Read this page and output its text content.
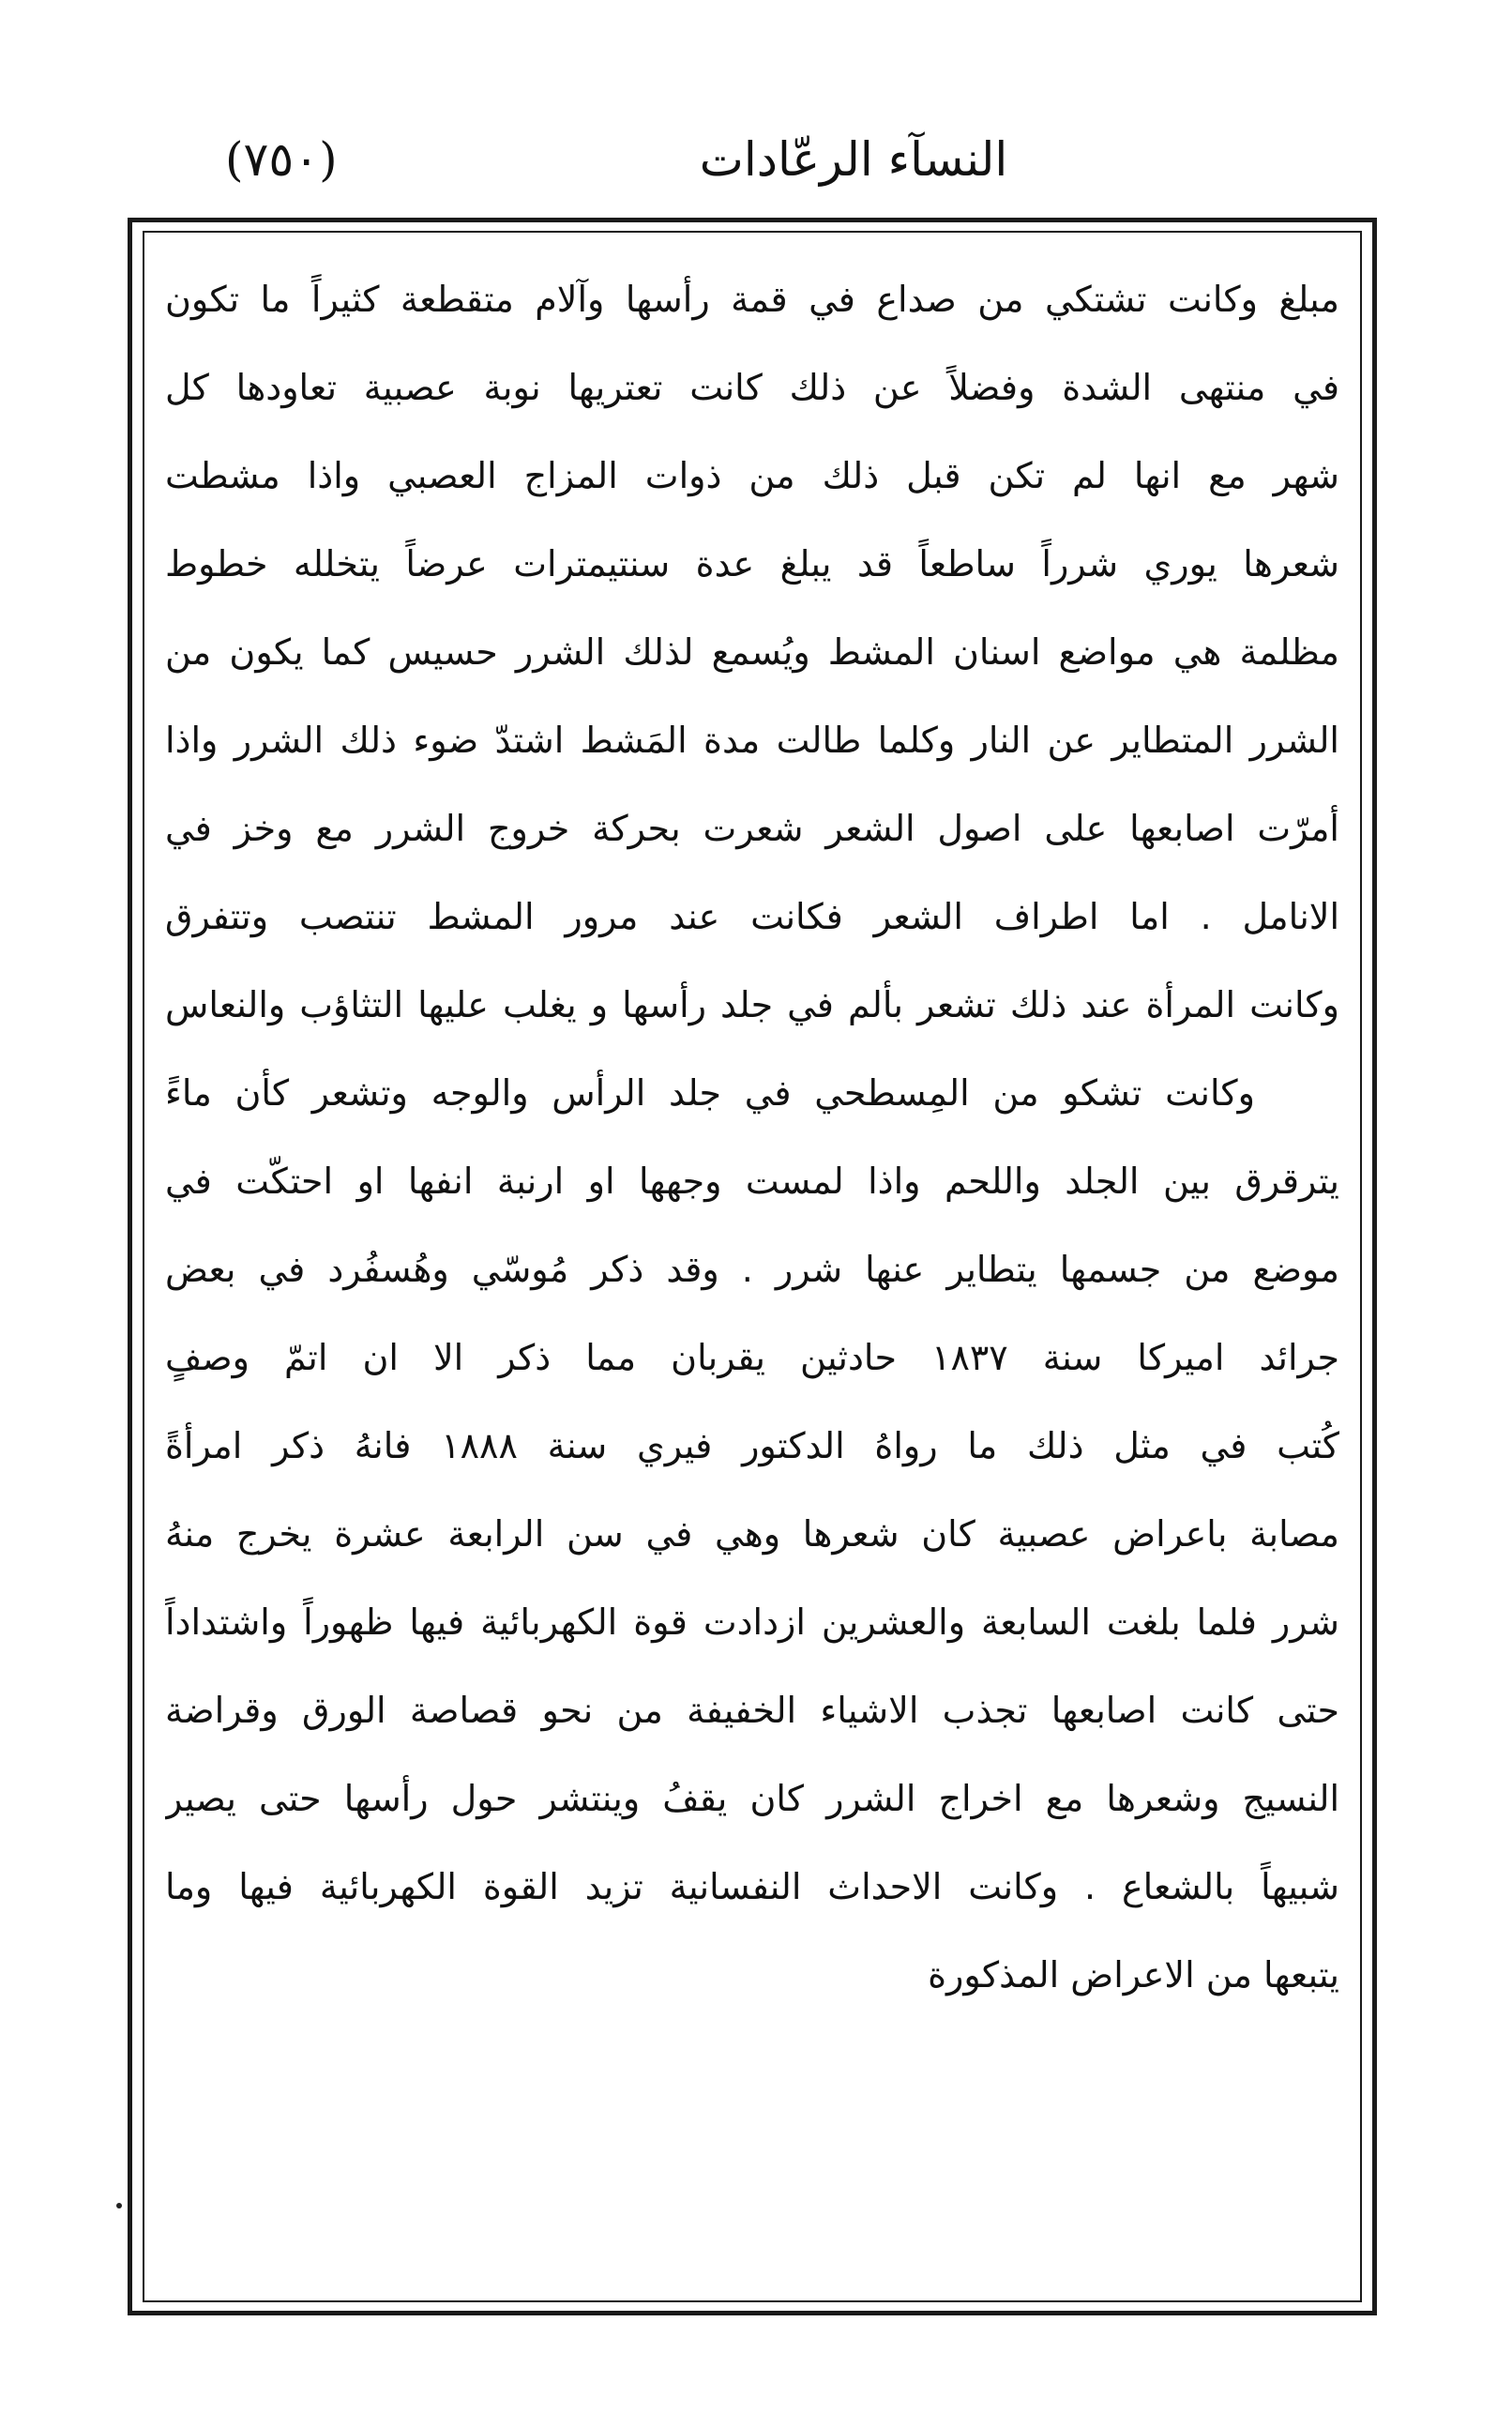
(٧٥٠)	النسآء الرعّادات
مبلغ وكانت تشتكي من صداع في قمة رأسها وآلام متقطعة كثيراً ما تكون
في منتهى الشدة وفضلاً عن ذلك كانت تعتريها نوبة عصبية تعاودها كل
شهر مع انها لم تكن قبل ذلك من ذوات المزاج العصبي واذا مشطت
شعرها يوري شرراً ساطعاً قد يبلغ عدة سنتيمترات عرضاً يتخلله خطوط
مظلمة هي مواضع اسنان المشط ويُسمع لذلك الشرر حسيس كما يكون من
الشرر المتطاير عن النار وكلما طالت مدة المَشط اشتدّ ضوء ذلك الشرر واذا
أمرّت اصابعها على اصول الشعر شعرت بحركة خروج الشرر مع وخز في
الانامل . اما اطراف الشعر فكانت عند مرور المشط تنتصب وتتفرق
وكانت المرأة عند ذلك تشعر بألم في جلد رأسها و يغلب عليها التثاؤب والنعاس
وكانت تشكو من المِسطحي في جلد الرأس والوجه وتشعر كأن ماءً
يترقرق بين الجلد واللحم واذا لمست وجهها او ارنبة انفها او احتكّت في
موضع من جسمها يتطاير عنها شرر . وقد ذكر مُوسّي وهُسفُرد في بعض
جرائد اميركا سنة ١٨٣٧ حادثين يقربان مما ذكر الا ان اتمّ وصفٍ
كُتب في مثل ذلك ما رواهُ الدكتور فيري سنة ١٨٨٨ فانهُ ذكر امرأةً
مصابة باعراض عصبية كان شعرها وهي في سن الرابعة عشرة يخرج منهُ
شرر فلما بلغت السابعة والعشرين ازدادت قوة الكهربائية فيها ظهوراً واشتداداً
حتى كانت اصابعها تجذب الاشياء الخفيفة من نحو قصاصة الورق وقراضة
النسيج وشعرها مع اخراج الشرر كان يقفُ وينتشر حول رأسها حتى يصير
شبيهاً بالشعاع . وكانت الاحداث النفسانية تزيد القوة الكهربائية فيها وما
يتبعها من الاعراض المذكورة
